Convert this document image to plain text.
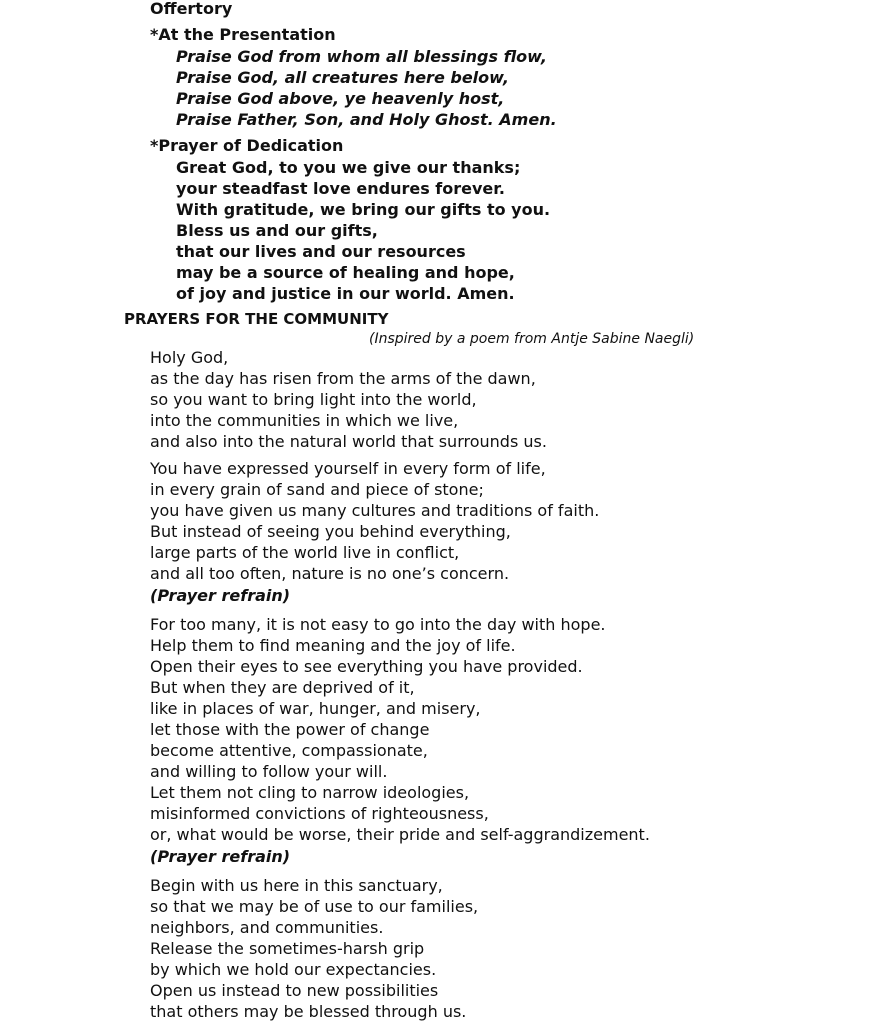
Offertory
*At the Presentation
Praise God from whom all blessings flow,
Praise God, all creatures here below,
Praise God above, ye heavenly host,
Praise Father, Son, and Holy Ghost. Amen.
*Prayer of Dedication
Great God, to you we give our thanks;
your steadfast love endures forever.
With gratitude, we bring our gifts to you.
Bless us and our gifts,
that our lives and our resources
may be a source of healing and hope,
of joy and justice in our world. Amen.
PRAYERS FOR THE COMMUNITY
(Inspired by a poem from Antje Sabine Naegli)
Holy God,
as the day has risen from the arms of the dawn,
so you want to bring light into the world,
into the communities in which we live,
and also into the natural world that surrounds us.
You have expressed yourself in every form of life,
in every grain of sand and piece of stone;
you have given us many cultures and traditions of faith.
But instead of seeing you behind everything,
large parts of the world live in conflict,
and all too often, nature is no one’s concern.
(Prayer refrain)
For too many, it is not easy to go into the day with hope.
Help them to find meaning and the joy of life.
Open their eyes to see everything you have provided.
But when they are deprived of it,
like in places of war, hunger, and misery,
let those with the power of change
become attentive, compassionate,
and willing to follow your will.
Let them not cling to narrow ideologies,
misinformed convictions of righteousness,
or, what would be worse, their pride and self-aggrandizement.
(Prayer refrain)
Begin with us here in this sanctuary,
so that we may be of use to our families,
neighbors, and communities.
Release the sometimes-harsh grip
by which we hold our expectancies.
Open us instead to new possibilities
that others may be blessed through us.
